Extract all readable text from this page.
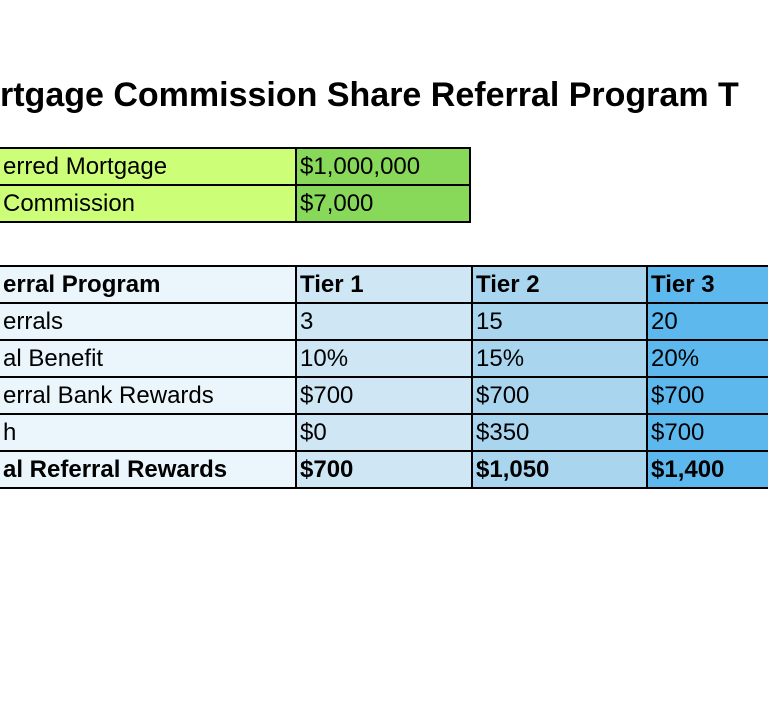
rtgage Commission Share Referral Program T
erred Mortgage	$1,000,000
Commission	$7,000
erral Program	Tier 1	Tier 2	Tier 3
errals	3	15	20
al Benefit	10%	15%	20%
erral Bank Rewards	$700	$700	$700
h	$0	$350	$700
al Referral Rewards	$700	$1,050	$1,400
